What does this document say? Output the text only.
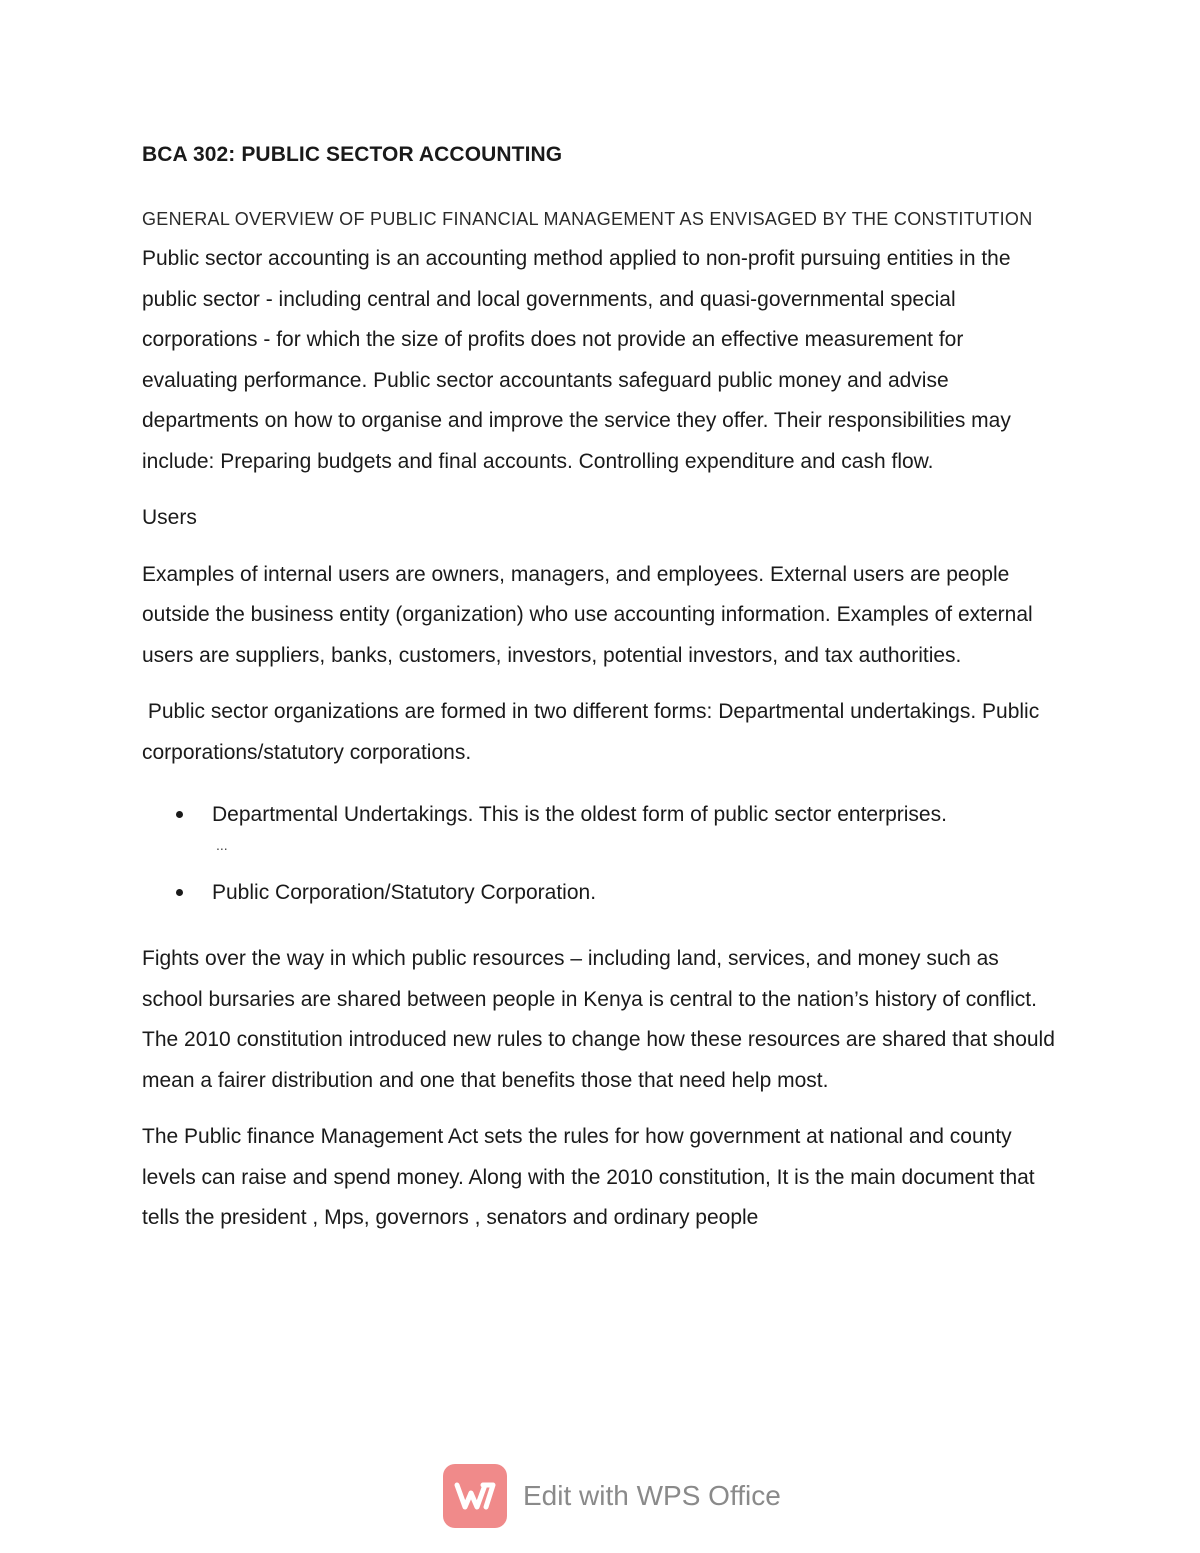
BCA 302: PUBLIC SECTOR ACCOUNTING
GENERAL OVERVIEW OF PUBLIC FINANCIAL MANAGEMENT AS ENVISAGED BY THE CONSTITUTION

Public sector accounting is an accounting method applied to non-profit pursuing entities in the public sector - including central and local governments, and quasi-governmental special corporations - for which the size of profits does not provide an effective measurement for evaluating performance. Public sector accountants safeguard public money and advise departments on how to organise and improve the service they offer. Their responsibilities may include: Preparing budgets and final accounts. Controlling expenditure and cash flow.

Users

Examples of internal users are owners, managers, and employees. External users are people outside the business entity (organization) who use accounting information. Examples of external users are suppliers, banks, customers, investors, potential investors, and tax authorities.

Public sector organizations are formed in two different forms: Departmental undertakings. Public corporations/statutory corporations.

Departmental Undertakings. This is the oldest form of public sector enterprises.
...
Public Corporation/Statutory Corporation.

Fights over the way in which public resources – including land, services, and money such as school bursaries are shared between people in Kenya is central to the nation’s history of conflict. The 2010 constitution introduced new rules to change how these resources are shared that should mean a fairer distribution and one that benefits those that need help most.

The Public finance Management Act sets the rules for how government at national and county levels can raise and spend money. Along with the 2010 constitution, It is the main document that tells the president , Mps, governors , senators and ordinary people

Edit with WPS Office
